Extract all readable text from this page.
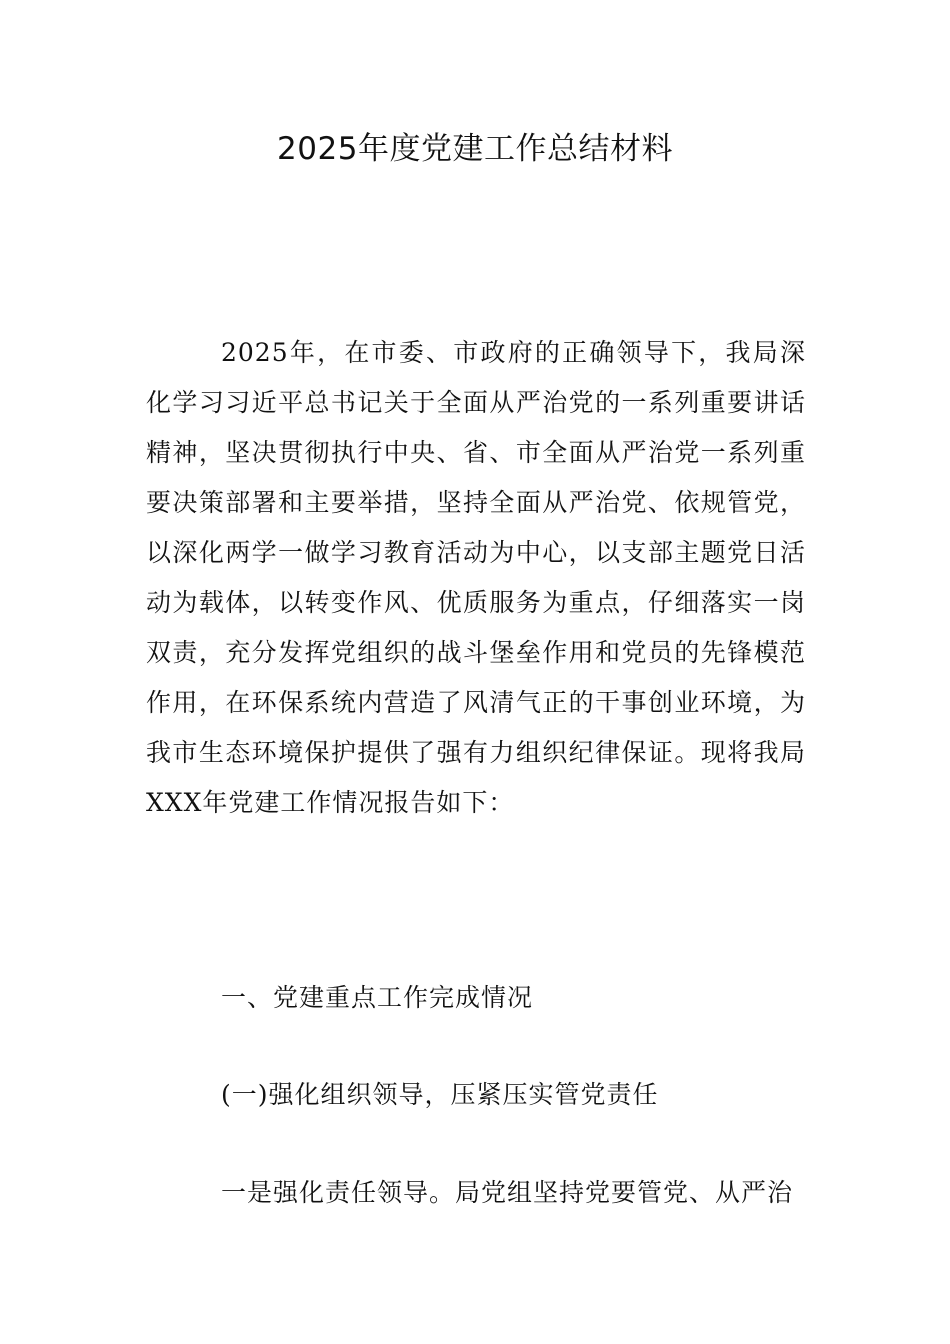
2025年度党建工作总结材料

2025年，在市委、市政府的正确领导下，我局深化学习习近平总书记关于全面从严治党的一系列重要讲话精神，坚决贯彻执行中央、省、市全面从严治党一系列重要决策部署和主要举措，坚持全面从严治党、依规管党，以深化两学一做学习教育活动为中心，以支部主题党日活动为载体，以转变作风、优质服务为重点，仔细落实一岗双责，充分发挥党组织的战斗堡垒作用和党员的先锋模范作用，在环保系统内营造了风清气正的干事创业环境，为我市生态环境保护提供了强有力组织纪律保证。现将我局XXX年党建工作情况报告如下：

一、党建重点工作完成情况

(一)强化组织领导，压紧压实管党责任

一是强化责任领导。局党组坚持党要管党、从严治
